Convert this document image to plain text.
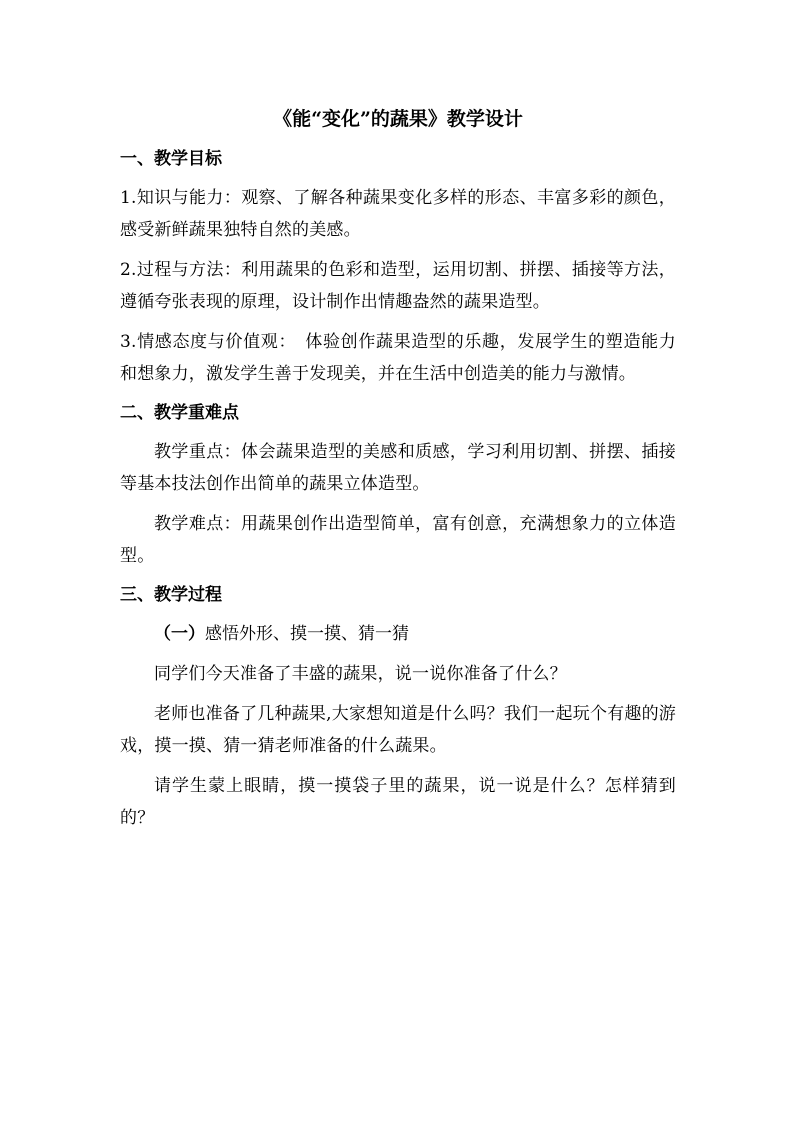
《能“变化”的蔬果》教学设计
一、教学目标

1.知识与能力：观察、了解各种蔬果变化多样的形态、丰富多彩的颜色，感受新鲜蔬果独特自然的美感。

2.过程与方法：利用蔬果的色彩和造型，运用切割、拼摆、插接等方法，遵循夸张表现的原理，设计制作出情趣盎然的蔬果造型。

3.情感态度与价值观：　体验创作蔬果造型的乐趣，发展学生的塑造能力和想象力，激发学生善于发现美，并在生活中创造美的能力与激情。

二、教学重难点

教学重点：体会蔬果造型的美感和质感，学习利用切割、拼摆、插接等基本技法创作出简单的蔬果立体造型。

教学难点：用蔬果创作出造型简单，富有创意，充满想象力的立体造型。

三、教学过程
（一）感悟外形、摸一摸、猜一猜

同学们今天准备了丰盛的蔬果，说一说你准备了什么？

老师也准备了几种蔬果,大家想知道是什么吗？我们一起玩个有趣的游戏，摸一摸、猜一猜老师准备的什么蔬果。

请学生蒙上眼睛，摸一摸袋子里的蔬果，说一说是什么？怎样猜到的？
